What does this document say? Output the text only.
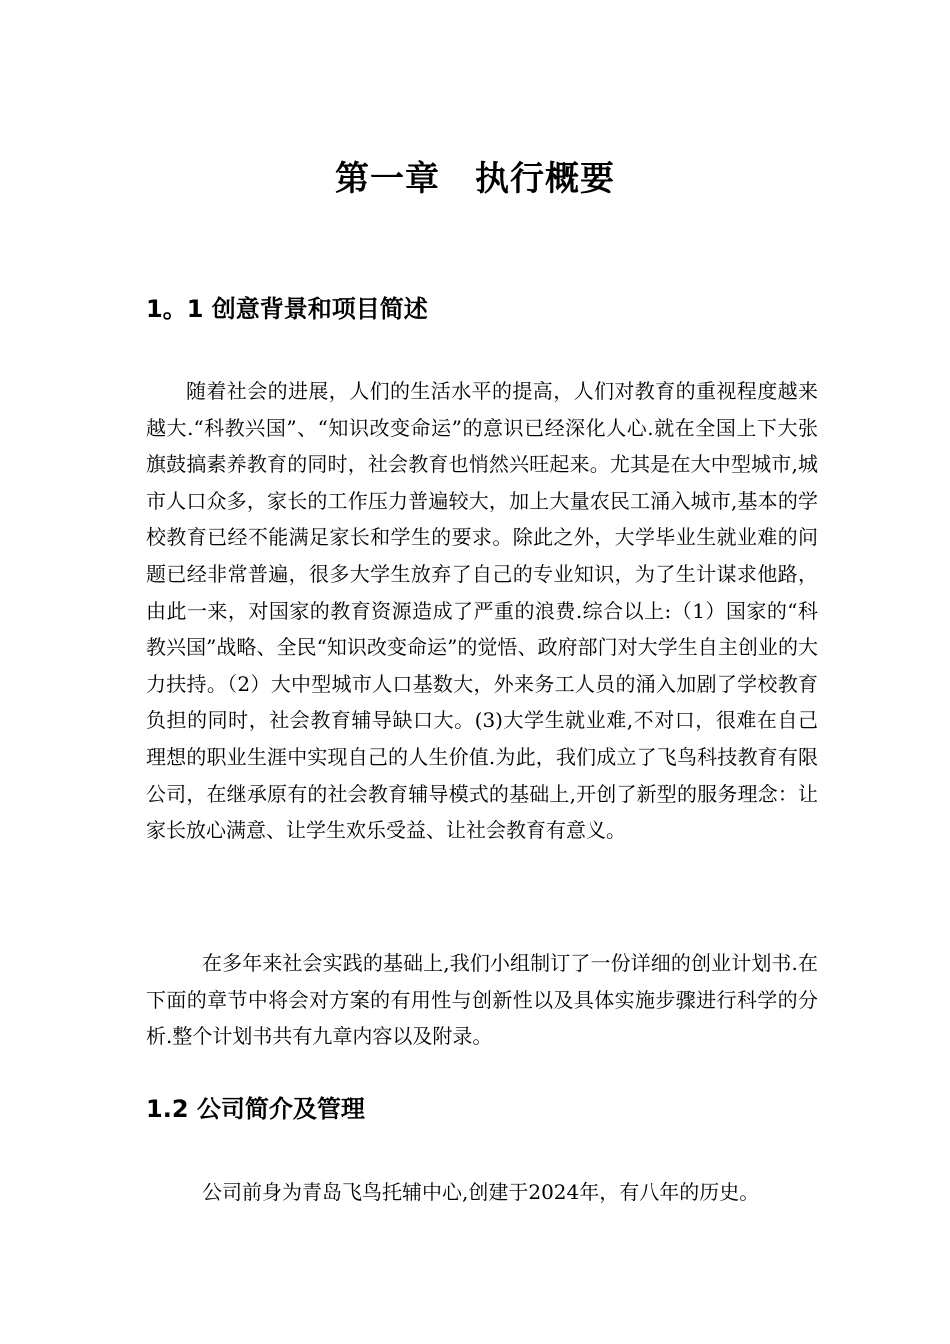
第一章　执行概要
1。1 创意背景和项目简述

随着社会的进展，人们的生活水平的提高，人们对教育的重视程度越来越大.“科教兴国”、“知识改变命运”的意识已经深化人心.就在全国上下大张旗鼓搞素养教育的同时，社会教育也悄然兴旺起来。尤其是在大中型城市,城市人口众多，家长的工作压力普遍较大，加上大量农民工涌入城市,基本的学校教育已经不能满足家长和学生的要求。除此之外，大学毕业生就业难的问题已经非常普遍，很多大学生放弃了自己的专业知识，为了生计谋求他路，由此一来，对国家的教育资源造成了严重的浪费.综合以上:（1）国家的“科教兴国”战略、全民“知识改变命运”的觉悟、政府部门对大学生自主创业的大力扶持。（2）大中型城市人口基数大，外来务工人员的涌入加剧了学校教育负担的同时，社会教育辅导缺口大。(3)大学生就业难,不对口，很难在自己理想的职业生涯中实现自己的人生价值.为此，我们成立了飞鸟科技教育有限公司，在继承原有的社会教育辅导模式的基础上,开创了新型的服务理念：让家长放心满意、让学生欢乐受益、让社会教育有意义。

在多年来社会实践的基础上,我们小组制订了一份详细的创业计划书.在下面的章节中将会对方案的有用性与创新性以及具体实施步骤进行科学的分析.整个计划书共有九章内容以及附录。

1.2 公司简介及管理

公司前身为青岛飞鸟托辅中心,创建于2024年，有八年的历史。
